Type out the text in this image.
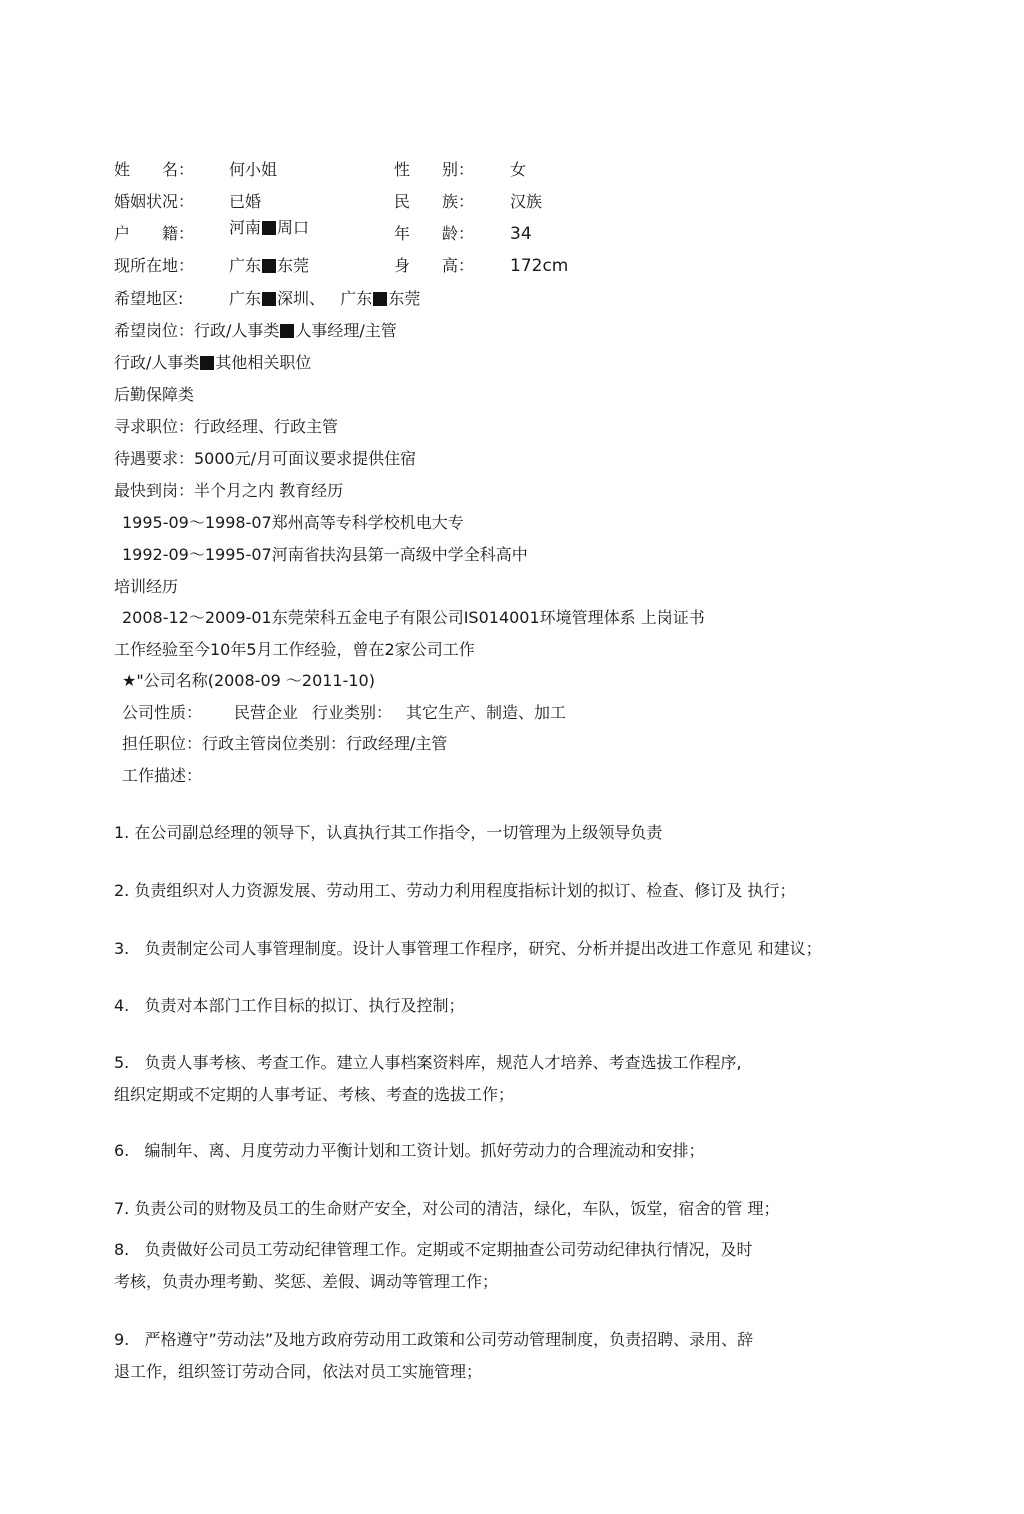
姓　　名： 何小姐	性　　别： 女
婚姻状况： 已婚	民　　族： 汉族
户　　籍： 河南 周口	年　　龄： 34
现所在地： 广东 东莞	身　　高： 172cm
希望地区:	广东 深圳、 广东 东莞
希望岗位：行政/人事类 人事经理/主管
行政/人事类 其他相关职位
后勤保障类
寻求职位：行政经理、行政主管
待遇要求：5000元/月可面议要求提供住宿
最快到岗：半个月之内 教育经历
1995-09～1998-07郑州高等专科学校机电大专
1992-09～1995-07河南省扶沟县第一高级中学全科高中
培训经历
2008-12～2009-01东莞荣科五金电子有限公司IS014001环境管理体系 上岗证书
工作经验至今10年5月工作经验，曾在2家公司工作
★"公司名称(2008-09 ～2011-10)
公司性质： 民营企业 行业类别： 其它生产、制造、加工
担任职位：行政主管岗位类别：行政经理/主管
工作描述：
1. 在公司副总经理的领导下，认真执行其工作指令，一切管理为上级领导负责
2. 负责组织对人力资源发展、劳动用工、劳动力利用程度指标计划的拟订、检查、修订及 执行；
3. 负责制定公司人事管理制度。设计人事管理工作程序，研究、分析并提出改进工作意见 和建议；
4. 负责对本部门工作目标的拟订、执行及控制；
5. 负责人事考核、考查工作。建立人事档案资料库，规范人才培养、考查选拔工作程序,
组织定期或不定期的人事考证、考核、考查的选拔工作；
6. 编制年、离、月度劳动力平衡计划和工资计划。抓好劳动力的合理流动和安排；
7. 负责公司的财物及员工的生命财产安全，对公司的清洁，绿化，车队，饭堂，宿舍的管 理；
8. 负责做好公司员工劳动纪律管理工作。定期或不定期抽查公司劳动纪律执行情况，及时
考核，负责办理考勤、奖惩、差假、调动等管理工作；
9. 严格遵守”劳动法”及地方政府劳动用工政策和公司劳动管理制度，负责招聘、录用、辞
退工作，组织签订劳动合同，依法对员工实施管理；
